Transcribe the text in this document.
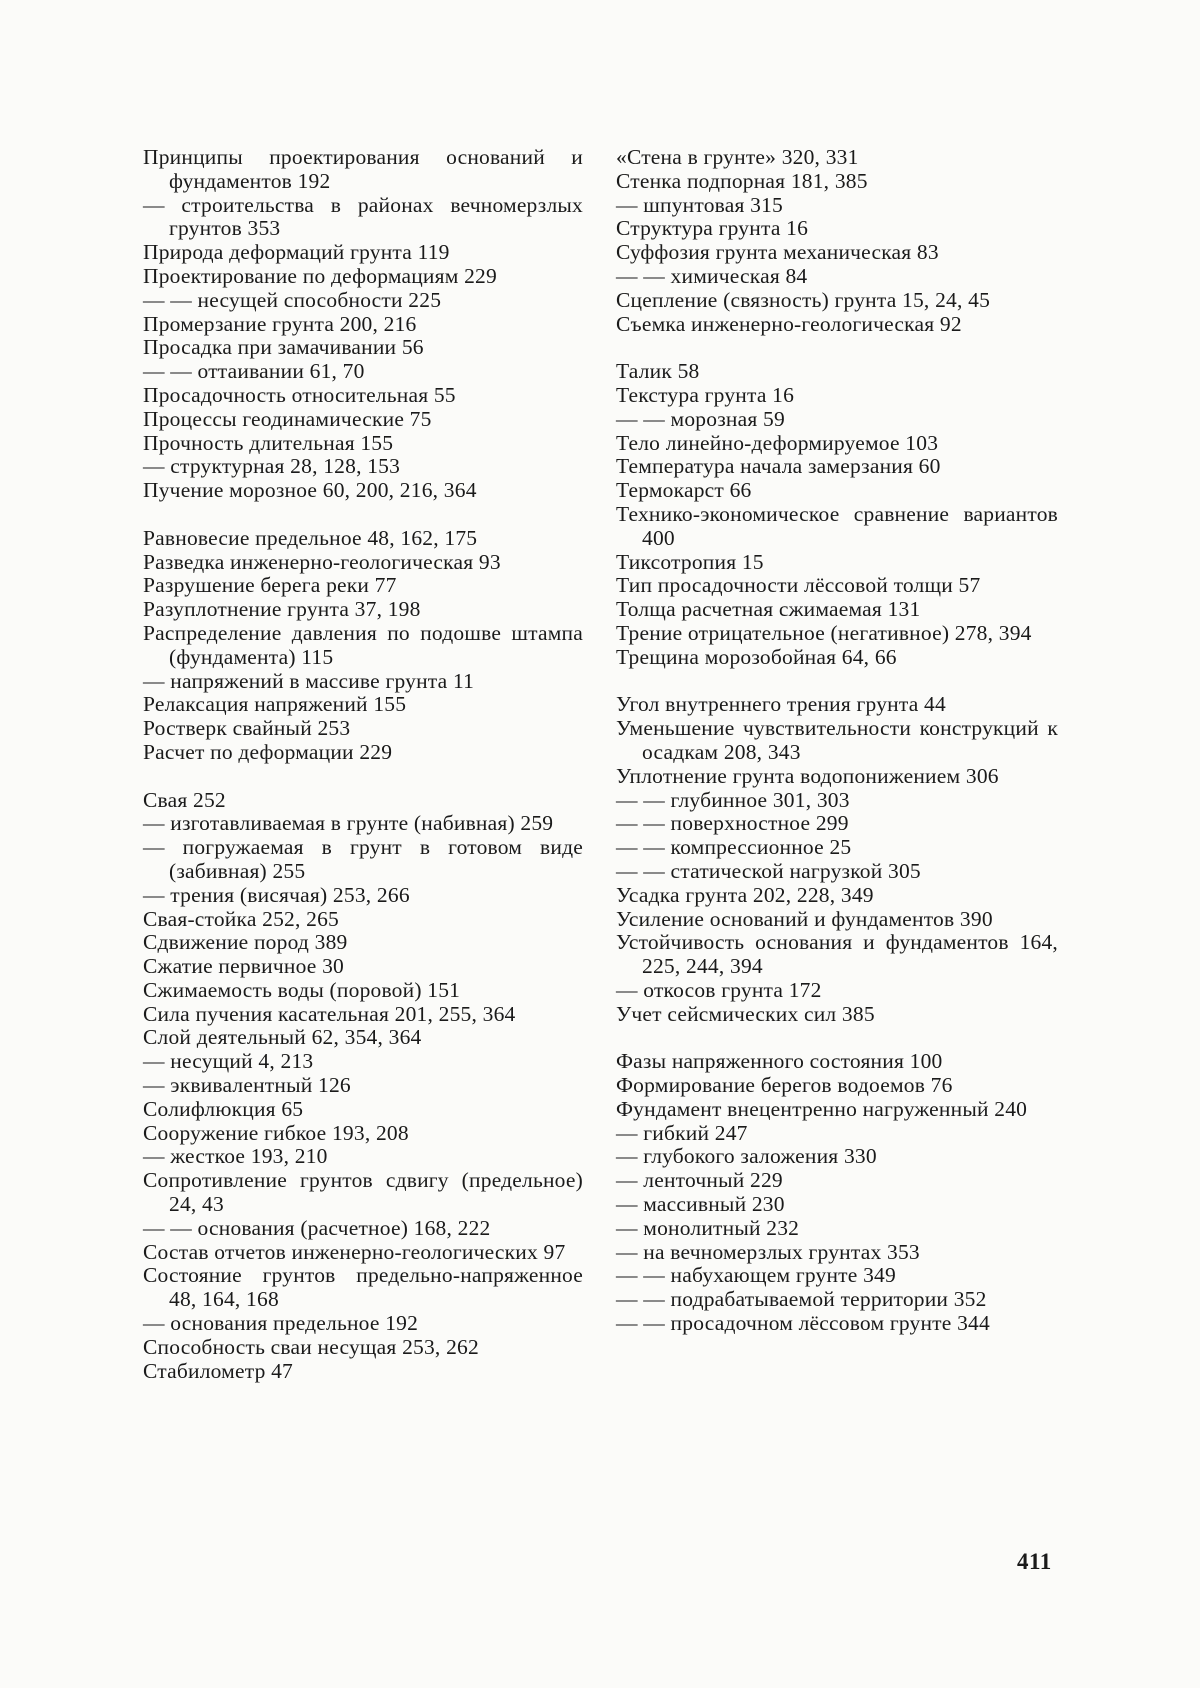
Принципы проектирования оснований и фундаментов 192
— строительства в районах вечномерзлых грунтов 353
Природа деформаций грунта 119
Проектирование по деформациям 229
— — несущей способности 225
Промерзание грунта 200, 216
Просадка при замачивании 56
— — оттаивании 61, 70
Просадочность относительная 55
Процессы геодинамические 75
Прочность длительная 155
— структурная 28, 128, 153
Пучение морозное 60, 200, 216, 364
Равновесие предельное 48, 162, 175
Разведка инженерно-геологическая 93
Разрушение берега реки 77
Разуплотнение грунта 37, 198
Распределение давления по подошве штампа (фундамента) 115
— напряжений в массиве грунта 11
Релаксация напряжений 155
Ростверк свайный 253
Расчет по деформации 229
Свая 252
— изготавливаемая в грунте (набивная) 259
— погружаемая в грунт в готовом виде (забивная) 255
— трения (висячая) 253, 266
Свая-стойка 252, 265
Сдвижение пород 389
Сжатие первичное 30
Сжимаемость воды (поровой) 151
Сила пучения касательная 201, 255, 364
Слой деятельный 62, 354, 364
— несущий 4, 213
— эквивалентный 126
Солифлюкция 65
Сооружение гибкое 193, 208
— жесткое 193, 210
Сопротивление грунтов сдвигу (предельное) 24, 43
— — основания (расчетное) 168, 222
Состав отчетов инженерно-геологических 97
Состояние грунтов предельно-напряженное 48, 164, 168
— основания предельное 192
Способность сваи несущая 253, 262
Стабилометр 47
«Стена в грунте» 320, 331
Стенка подпорная 181, 385
— шпунтовая 315
Структура грунта 16
Суффозия грунта механическая 83
— — химическая 84
Сцепление (связность) грунта 15, 24, 45
Съемка инженерно-геологическая 92
Талик 58
Текстура грунта 16
— — морозная 59
Тело линейно-деформируемое 103
Температура начала замерзания 60
Термокарст 66
Технико-экономическое сравнение вариантов 400
Тиксотропия 15
Тип просадочности лёссовой толщи 57
Толща расчетная сжимаемая 131
Трение отрицательное (негативное) 278, 394
Трещина морозобойная 64, 66
Угол внутреннего трения грунта 44
Уменьшение чувствительности конструкций к осадкам 208, 343
Уплотнение грунта водопонижением 306
— — глубинное 301, 303
— — поверхностное 299
— — компрессионное 25
— — статической нагрузкой 305
Усадка грунта 202, 228, 349
Усиление оснований и фундаментов 390
Устойчивость основания и фундаментов 164, 225, 244, 394
— откосов грунта 172
Учет сейсмических сил 385
Фазы напряженного состояния 100
Формирование берегов водоемов 76
Фундамент внецентренно нагруженный 240
— гибкий 247
— глубокого заложения 330
— ленточный 229
— массивный 230
— монолитный 232
— на вечномерзлых грунтах 353
— — набухающем грунте 349
— — подрабатываемой территории 352
— — просадочном лёссовом грунте 344
411
